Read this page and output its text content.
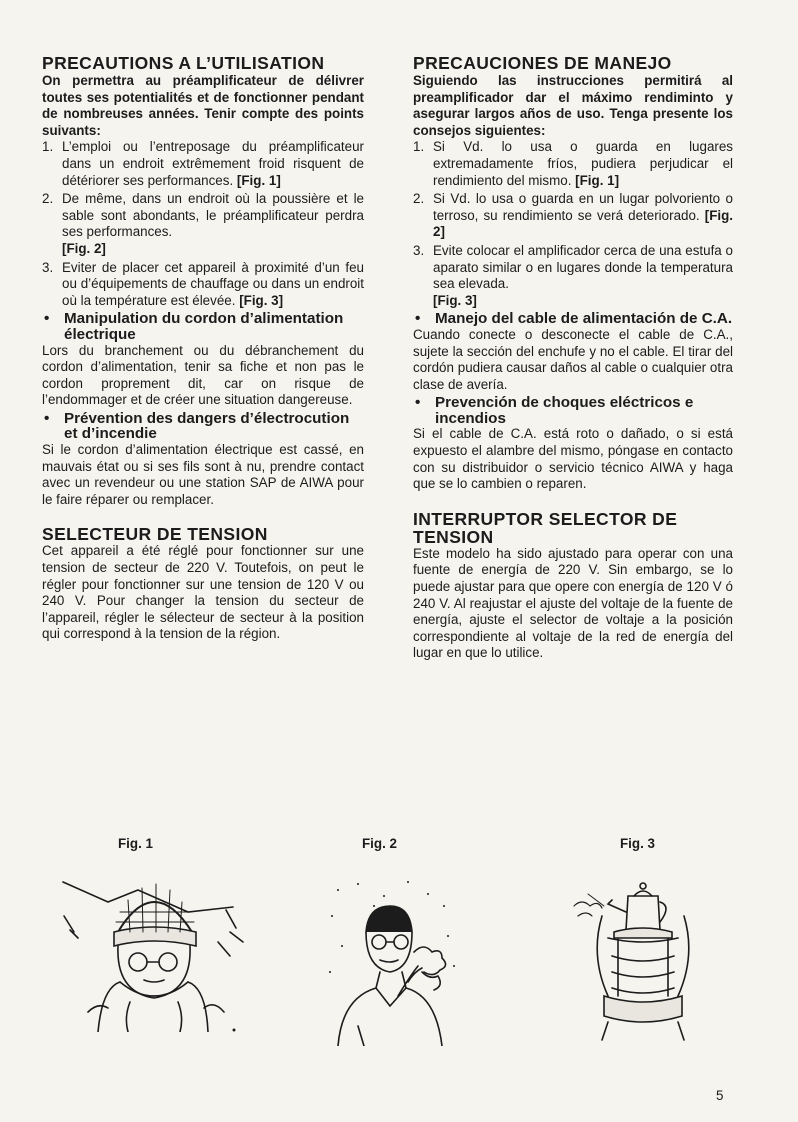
PRECAUTIONS A L’UTILISATION

On permettra au préamplificateur de délivrer toutes ses potentialités et de fonctionner pendant de nombreuses années. Tenir compte des points suivants:

1. L’emploi ou l’entreposage du préamplificateur dans un endroit extrêmement froid risquent de détériorer ses performances. [Fig. 1]
2. De même, dans un endroit où la poussière et le sable sont abondants, le préamplificateur perdra ses performances.
[Fig. 2]
3. Eviter de placer cet appareil à proximité d’un feu ou d’équipements de chauffage ou dans un endroit où la température est élevée. [Fig. 3]
• Manipulation du cordon d’alimentation électrique

Lors du branchement ou du débranchement du cordon d’alimentation, tenir sa fiche et non pas le cordon proprement dit, car on risque de l’endommager et de créer une situation dangereuse.

• Prévention des dangers d’électrocution et d’incendie

Si le cordon d’alimentation électrique est cassé, en mauvais état ou si ses fils sont à nu, prendre contact avec un revendeur ou une station SAP de AIWA pour le faire réparer ou remplacer.

SELECTEUR DE TENSION

Cet appareil a été réglé pour fonctionner sur une tension de secteur de 220 V. Toutefois, on peut le régler pour fonctionner sur une tension de 120 V ou 240 V. Pour changer la tension du secteur de l’appareil, régler le sélecteur de secteur à la position qui correspond à la tension de la région.

PRECAUCIONES DE MANEJO

Siguiendo las instrucciones permitirá al preamplificador dar el máximo rendiminto y asegurar largos años de uso. Tenga presente los consejos siguientes:

1. Si Vd. lo usa o guarda en lugares extremadamente fríos, pudiera perjudicar el rendimiento del mismo. [Fig. 1]
2. Si Vd. lo usa o guarda en un lugar polvoriento o terroso, su rendimiento se verá deteriorado. [Fig. 2]
3. Evite colocar el amplificador cerca de una estufa o aparato similar o en lugares donde la temperatura sea elevada.
[Fig. 3]
• Manejo del cable de alimentación de C.A.

Cuando conecte o desconecte el cable de C.A., sujete la sección del enchufe y no el cable. El tirar del cordón pudiera causar daños al cable o cualquier otra clase de avería.

• Prevención de choques eléctricos e incendios

Si el cable de C.A. está roto o dañado, o si está expuesto el alambre del mismo, póngase en contacto con su distribuidor o servicio técnico AIWA y haga que se lo cambien o reparen.

INTERRUPTOR SELECTOR DE TENSION

Este modelo ha sido ajustado para operar con una fuente de energía de 220 V. Sin embargo, se lo puede ajustar para que opere con energía de 120 V ó 240 V. Al reajustar el ajuste del voltaje de la fuente de energía, ajuste el selector de voltaje a la posición correspondiente al voltaje de la red de energía del lugar en que lo utilice.

Fig. 1	Fig. 2	Fig. 3
5
